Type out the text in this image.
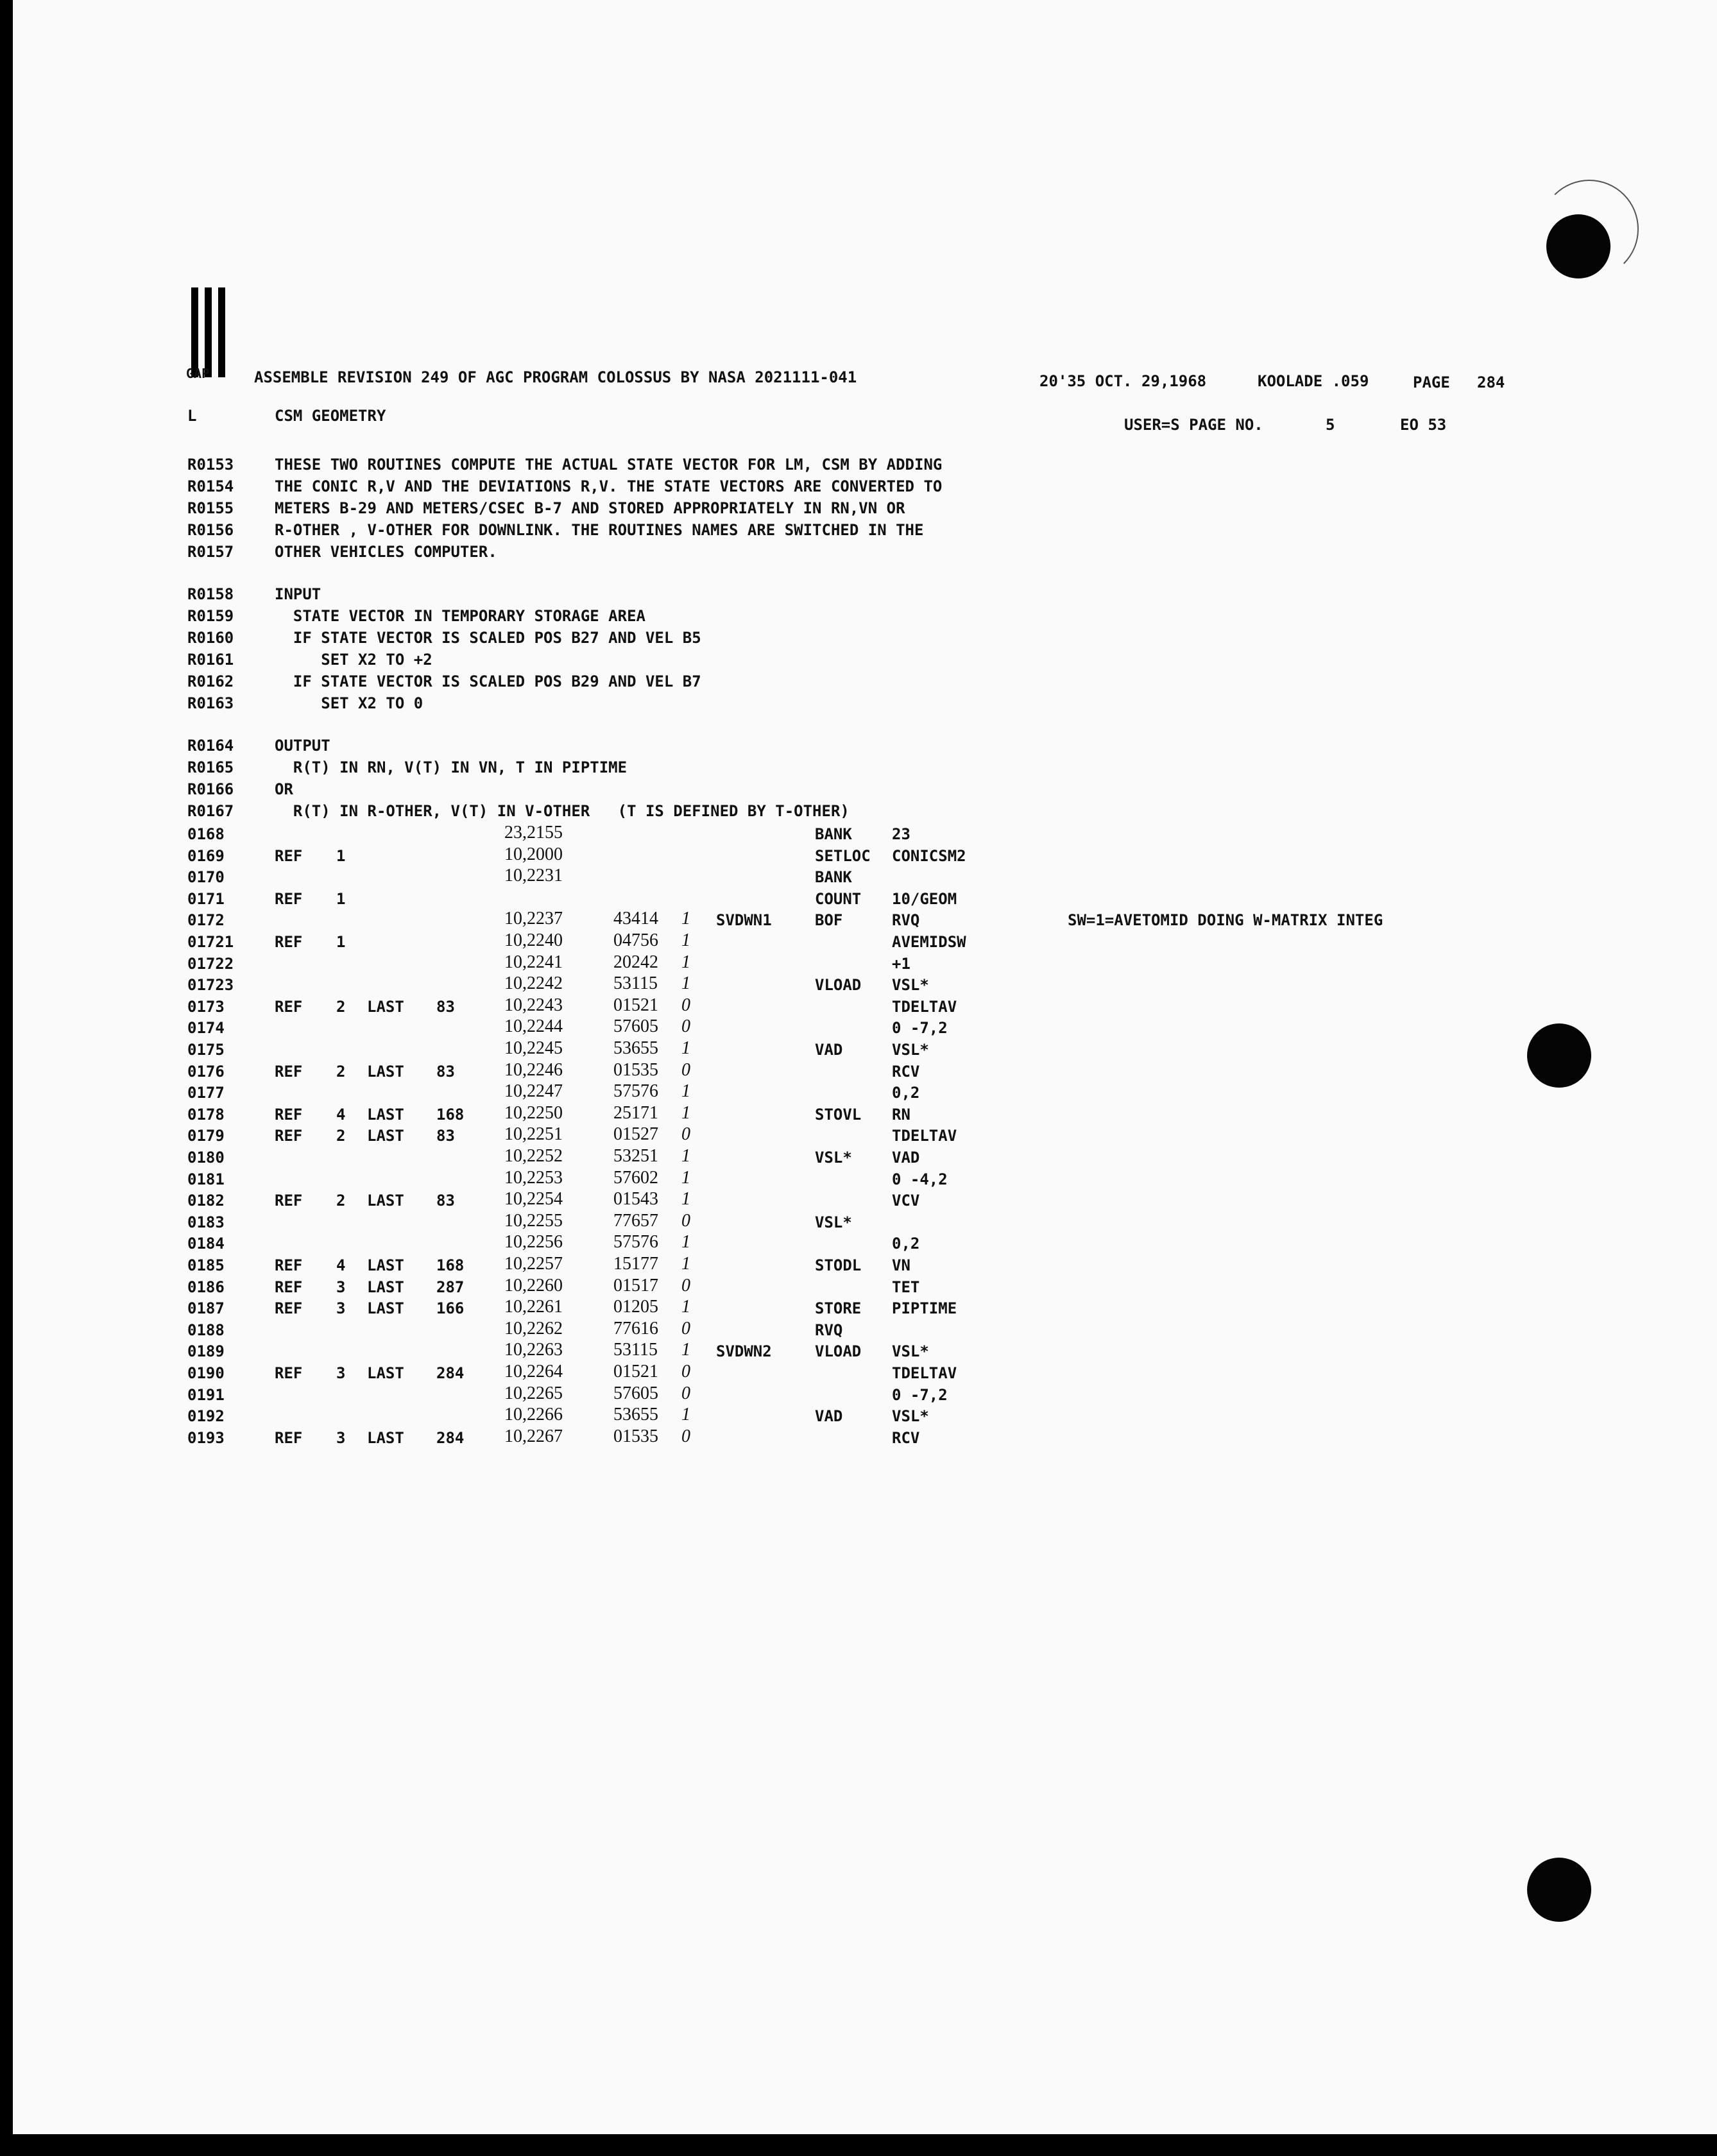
GAP	ASSEMBLE REVISION 249 OF AGC PROGRAM COLOSSUS BY NASA 2021111-041	20'35 OCT. 29,1968	KOOLADE .059	PAGE 284
L	CSM GEOMETRY	USER=S PAGE NO.	5	EO 53
R0153	THESE TWO ROUTINES COMPUTE THE ACTUAL STATE VECTOR FOR LM, CSM BY ADDING
R0154	THE CONIC R,V AND THE DEVIATIONS R,V. THE STATE VECTORS ARE CONVERTED TO
R0155	METERS B-29 AND METERS/CSEC B-7 AND STORED APPROPRIATELY IN RN,VN OR
R0156	R-OTHER , V-OTHER FOR DOWNLINK. THE ROUTINES NAMES ARE SWITCHED IN THE
R0157	OTHER VEHICLES COMPUTER.
R0158	INPUT
R0159	STATE VECTOR IN TEMPORARY STORAGE AREA
R0160	IF STATE VECTOR IS SCALED POS B27 AND VEL B5
R0161	SET X2 TO +2
R0162	IF STATE VECTOR IS SCALED POS B29 AND VEL B7
R0163	SET X2 TO 0
R0164	OUTPUT
R0165	R(T) IN RN, V(T) IN VN, T IN PIPTIME
R0166	OR
R0167	R(T) IN R-OTHER, V(T) IN V-OTHER   (T IS DEFINED BY T-OTHER)
0168	23,2155	BANK	23
0169	REF 1	10,2000	SETLOC CONICSM2
0170	10,2231	BANK
0171	REF 1	COUNT 10/GEOM
0172	10,2237	43414 1 SVDWN1	BOF	RVQ	SW=1=AVETOMID DOING W-MATRIX INTEG
01721	REF 1	10,2240	04756 1	AVEMIDSW
01722	10,2241	20242 1	+1
01723	10,2242	53115 1	VLOAD VSL*
0173	REF 2 LAST 83	10,2243	01521 0	TDELTAV
0174	10,2244	57605 0	0 -7,2
0175	10,2245	53655 1	VAD	VSL*
0176	REF 2 LAST 83	10,2246	01535 0	RCV
0177	10,2247	57576 1	0,2
0178	REF 4 LAST 168 10,2250	25171 1	STOVL RN
0179	REF 2 LAST 83	10,2251	01527 0	TDELTAV
0180	10,2252	53251 1	VSL*	VAD
0181	10,2253	57602 1	0 -4,2
0182	REF 2 LAST 83	10,2254	01543 1	VCV
0183	10,2255	77657 0	VSL*
0184	10,2256	57576 1	0,2
0185	REF 4 LAST 168 10,2257	15177 1	STODL VN
0186	REF 3 LAST 287 10,2260	01517 0	TET
0187	REF 3 LAST 166 10,2261	01205 1	STORE PIPTIME
0188	10,2262	77616 0	RVQ
0189	10,2263	53115 1 SVDWN2	VLOAD VSL*
0190	REF 3 LAST 284 10,2264	01521 0	TDELTAV
0191	10,2265	57605 0	0 -7,2
0192	10,2266	53655 1	VAD	VSL*
0193	REF 3 LAST 284 10,2267	01535 0	RCV
